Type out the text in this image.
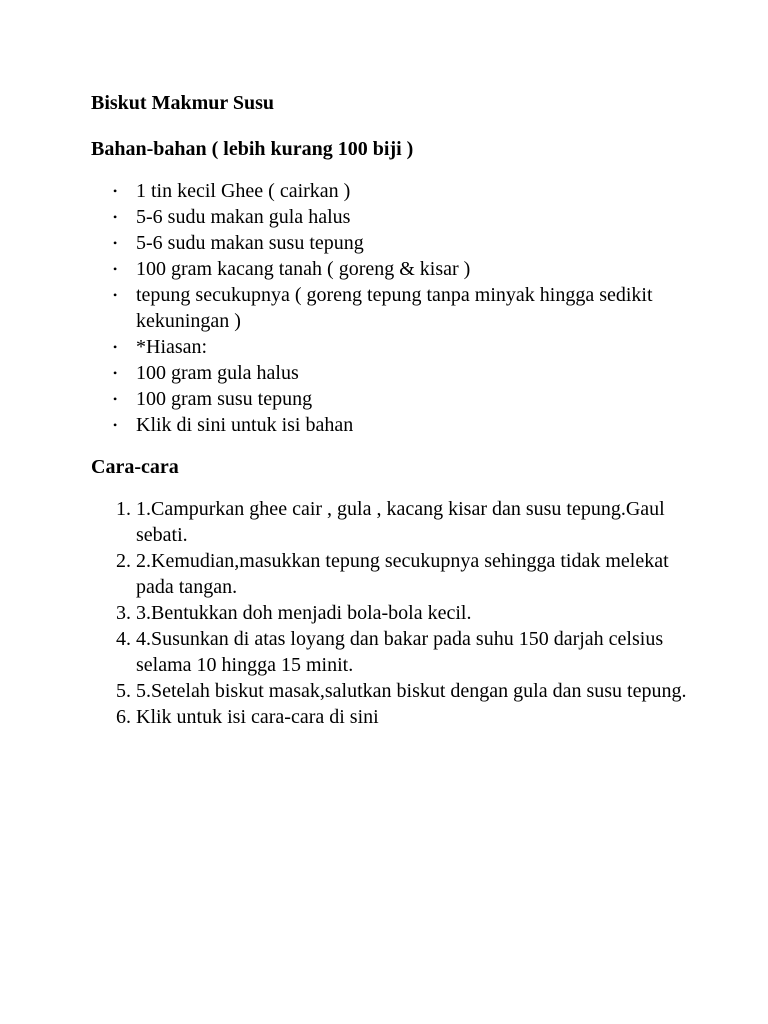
Biskut Makmur Susu
Bahan-bahan ( lebih kurang 100 biji )
• 1 tin kecil Ghee ( cairkan )
• 5-6 sudu makan gula halus
• 5-6 sudu makan susu tepung
• 100 gram kacang tanah ( goreng & kisar )
• tepung secukupnya ( goreng tepung tanpa minyak hingga sedikit kekuningan )
• *Hiasan:
• 100 gram gula halus
• 100 gram susu tepung
• Klik di sini untuk isi bahan
Cara-cara
1. 1.Campurkan ghee cair , gula , kacang kisar dan susu tepung.Gaul sebati.
2. 2.Kemudian,masukkan tepung secukupnya sehingga tidak melekat pada tangan.
3. 3.Bentukkan doh menjadi bola-bola kecil.
4. 4.Susunkan di atas loyang dan bakar pada suhu 150 darjah celsius selama 10 hingga 15 minit.
5. 5.Setelah biskut masak,salutkan biskut dengan gula dan susu tepung.
6. Klik untuk isi cara-cara di sini
